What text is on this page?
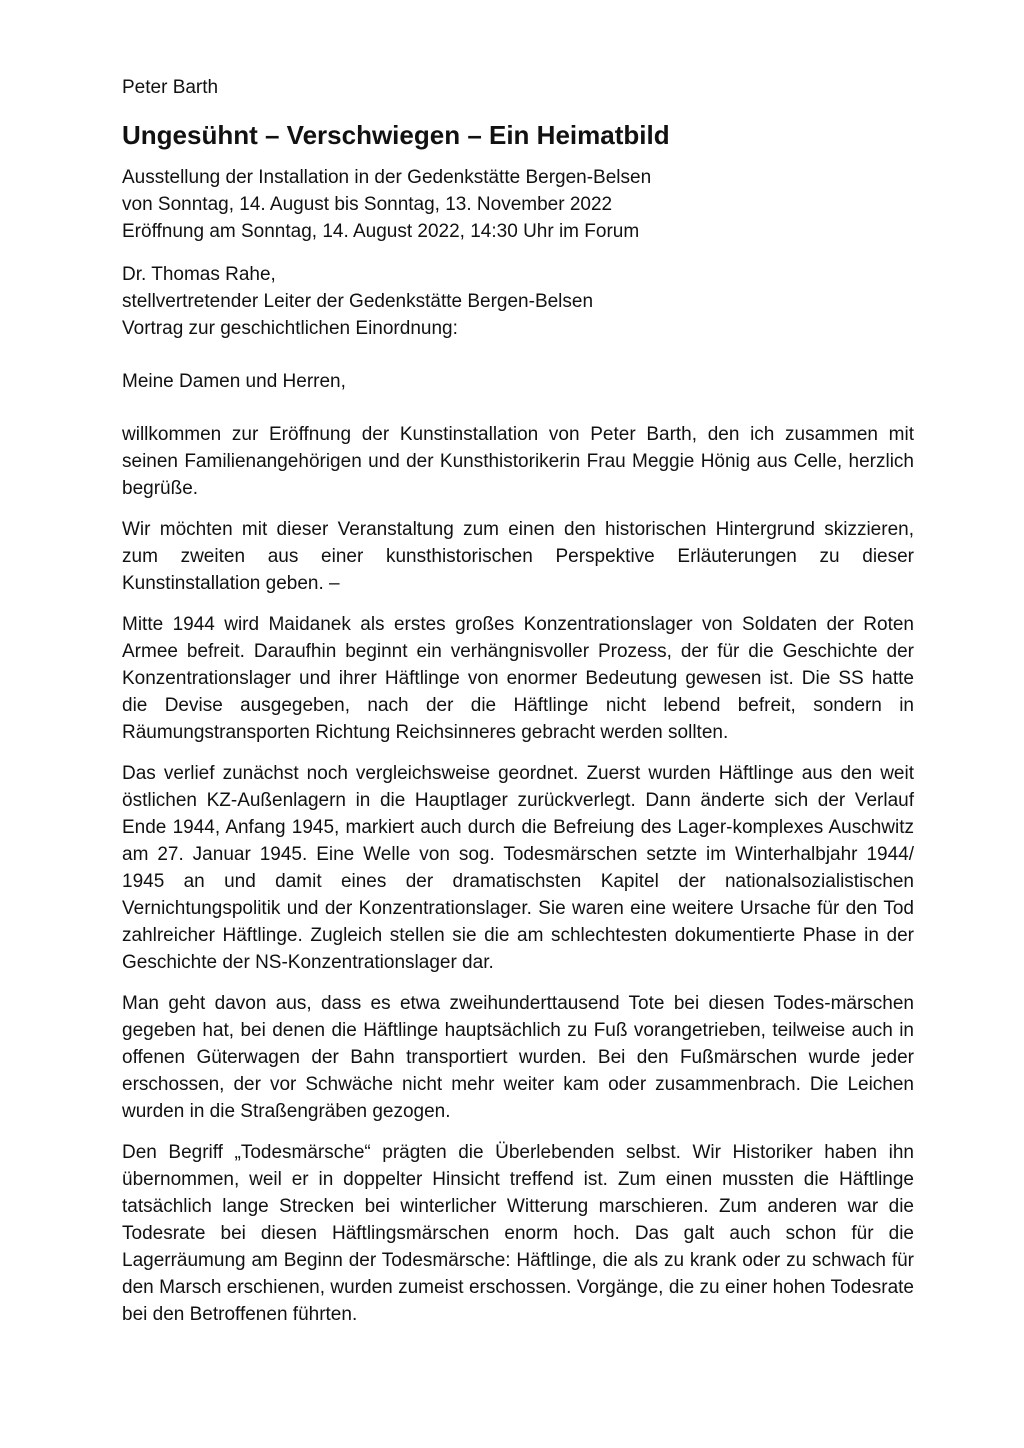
Peter Barth

Ungesühnt – Verschwiegen – Ein Heimatbild

Ausstellung der Installation in der Gedenkstätte Bergen-Belsen
von Sonntag, 14. August bis Sonntag, 13. November 2022
Eröffnung am Sonntag, 14. August 2022, 14:30 Uhr im Forum

Dr. Thomas Rahe,
stellvertretender Leiter der Gedenkstätte Bergen-Belsen
Vortrag zur geschichtlichen Einordnung:

Meine Damen und Herren,

willkommen zur Eröffnung der Kunstinstallation von Peter Barth, den ich zusammen mit seinen Familienangehörigen und der Kunsthistorikerin Frau Meggie Hönig aus Celle, herzlich begrüße.

Wir möchten mit dieser Veranstaltung zum einen den historischen Hintergrund skizzieren, zum zweiten aus einer kunsthistorischen Perspektive Erläuterungen zu dieser Kunstinstallation geben. –

Mitte 1944 wird Maidanek als erstes großes Konzentrationslager von Soldaten der Roten Armee befreit. Daraufhin beginnt ein verhängnisvoller Prozess, der für die Geschichte der Konzentrationslager und ihrer Häftlinge von enormer Bedeutung gewesen ist. Die SS hatte die Devise ausgegeben, nach der die Häftlinge nicht lebend befreit, sondern in Räumungstransporten Richtung Reichsinneres gebracht werden sollten.

Das verlief zunächst noch vergleichsweise geordnet. Zuerst wurden Häftlinge aus den weit östlichen KZ-Außenlagern in die Hauptlager zurückverlegt. Dann änderte sich der Verlauf Ende 1944, Anfang 1945, markiert auch durch die Befreiung des Lager-komplexes Auschwitz am 27. Januar 1945. Eine Welle von sog. Todesmärschen setzte im Winterhalbjahr 1944/ 1945 an und damit eines der dramatischsten Kapitel der nationalsozialistischen Vernichtungspolitik und der Konzentrationslager. Sie waren eine weitere Ursache für den Tod zahlreicher Häftlinge. Zugleich stellen sie die am schlechtesten dokumentierte Phase in der Geschichte der NS-Konzentrationslager dar.

Man geht davon aus, dass es etwa zweihunderttausend Tote bei diesen Todes-märschen gegeben hat, bei denen die Häftlinge hauptsächlich zu Fuß vorangetrieben, teilweise auch in offenen Güterwagen der Bahn transportiert wurden. Bei den Fußmärschen wurde jeder erschossen, der vor Schwäche nicht mehr weiter kam oder zusammenbrach. Die Leichen wurden in die Straßengräben gezogen.

Den Begriff „Todesmärsche“ prägten die Überlebenden selbst. Wir Historiker haben ihn übernommen, weil er in doppelter Hinsicht treffend ist. Zum einen mussten die Häftlinge tatsächlich lange Strecken bei winterlicher Witterung marschieren. Zum anderen war die Todesrate bei diesen Häftlingsmärschen enorm hoch. Das galt auch schon für die Lagerräumung am Beginn der Todesmärsche: Häftlinge, die als zu krank oder zu schwach für den Marsch erschienen, wurden zumeist erschossen. Vorgänge, die zu einer hohen Todesrate bei den Betroffenen führten.
